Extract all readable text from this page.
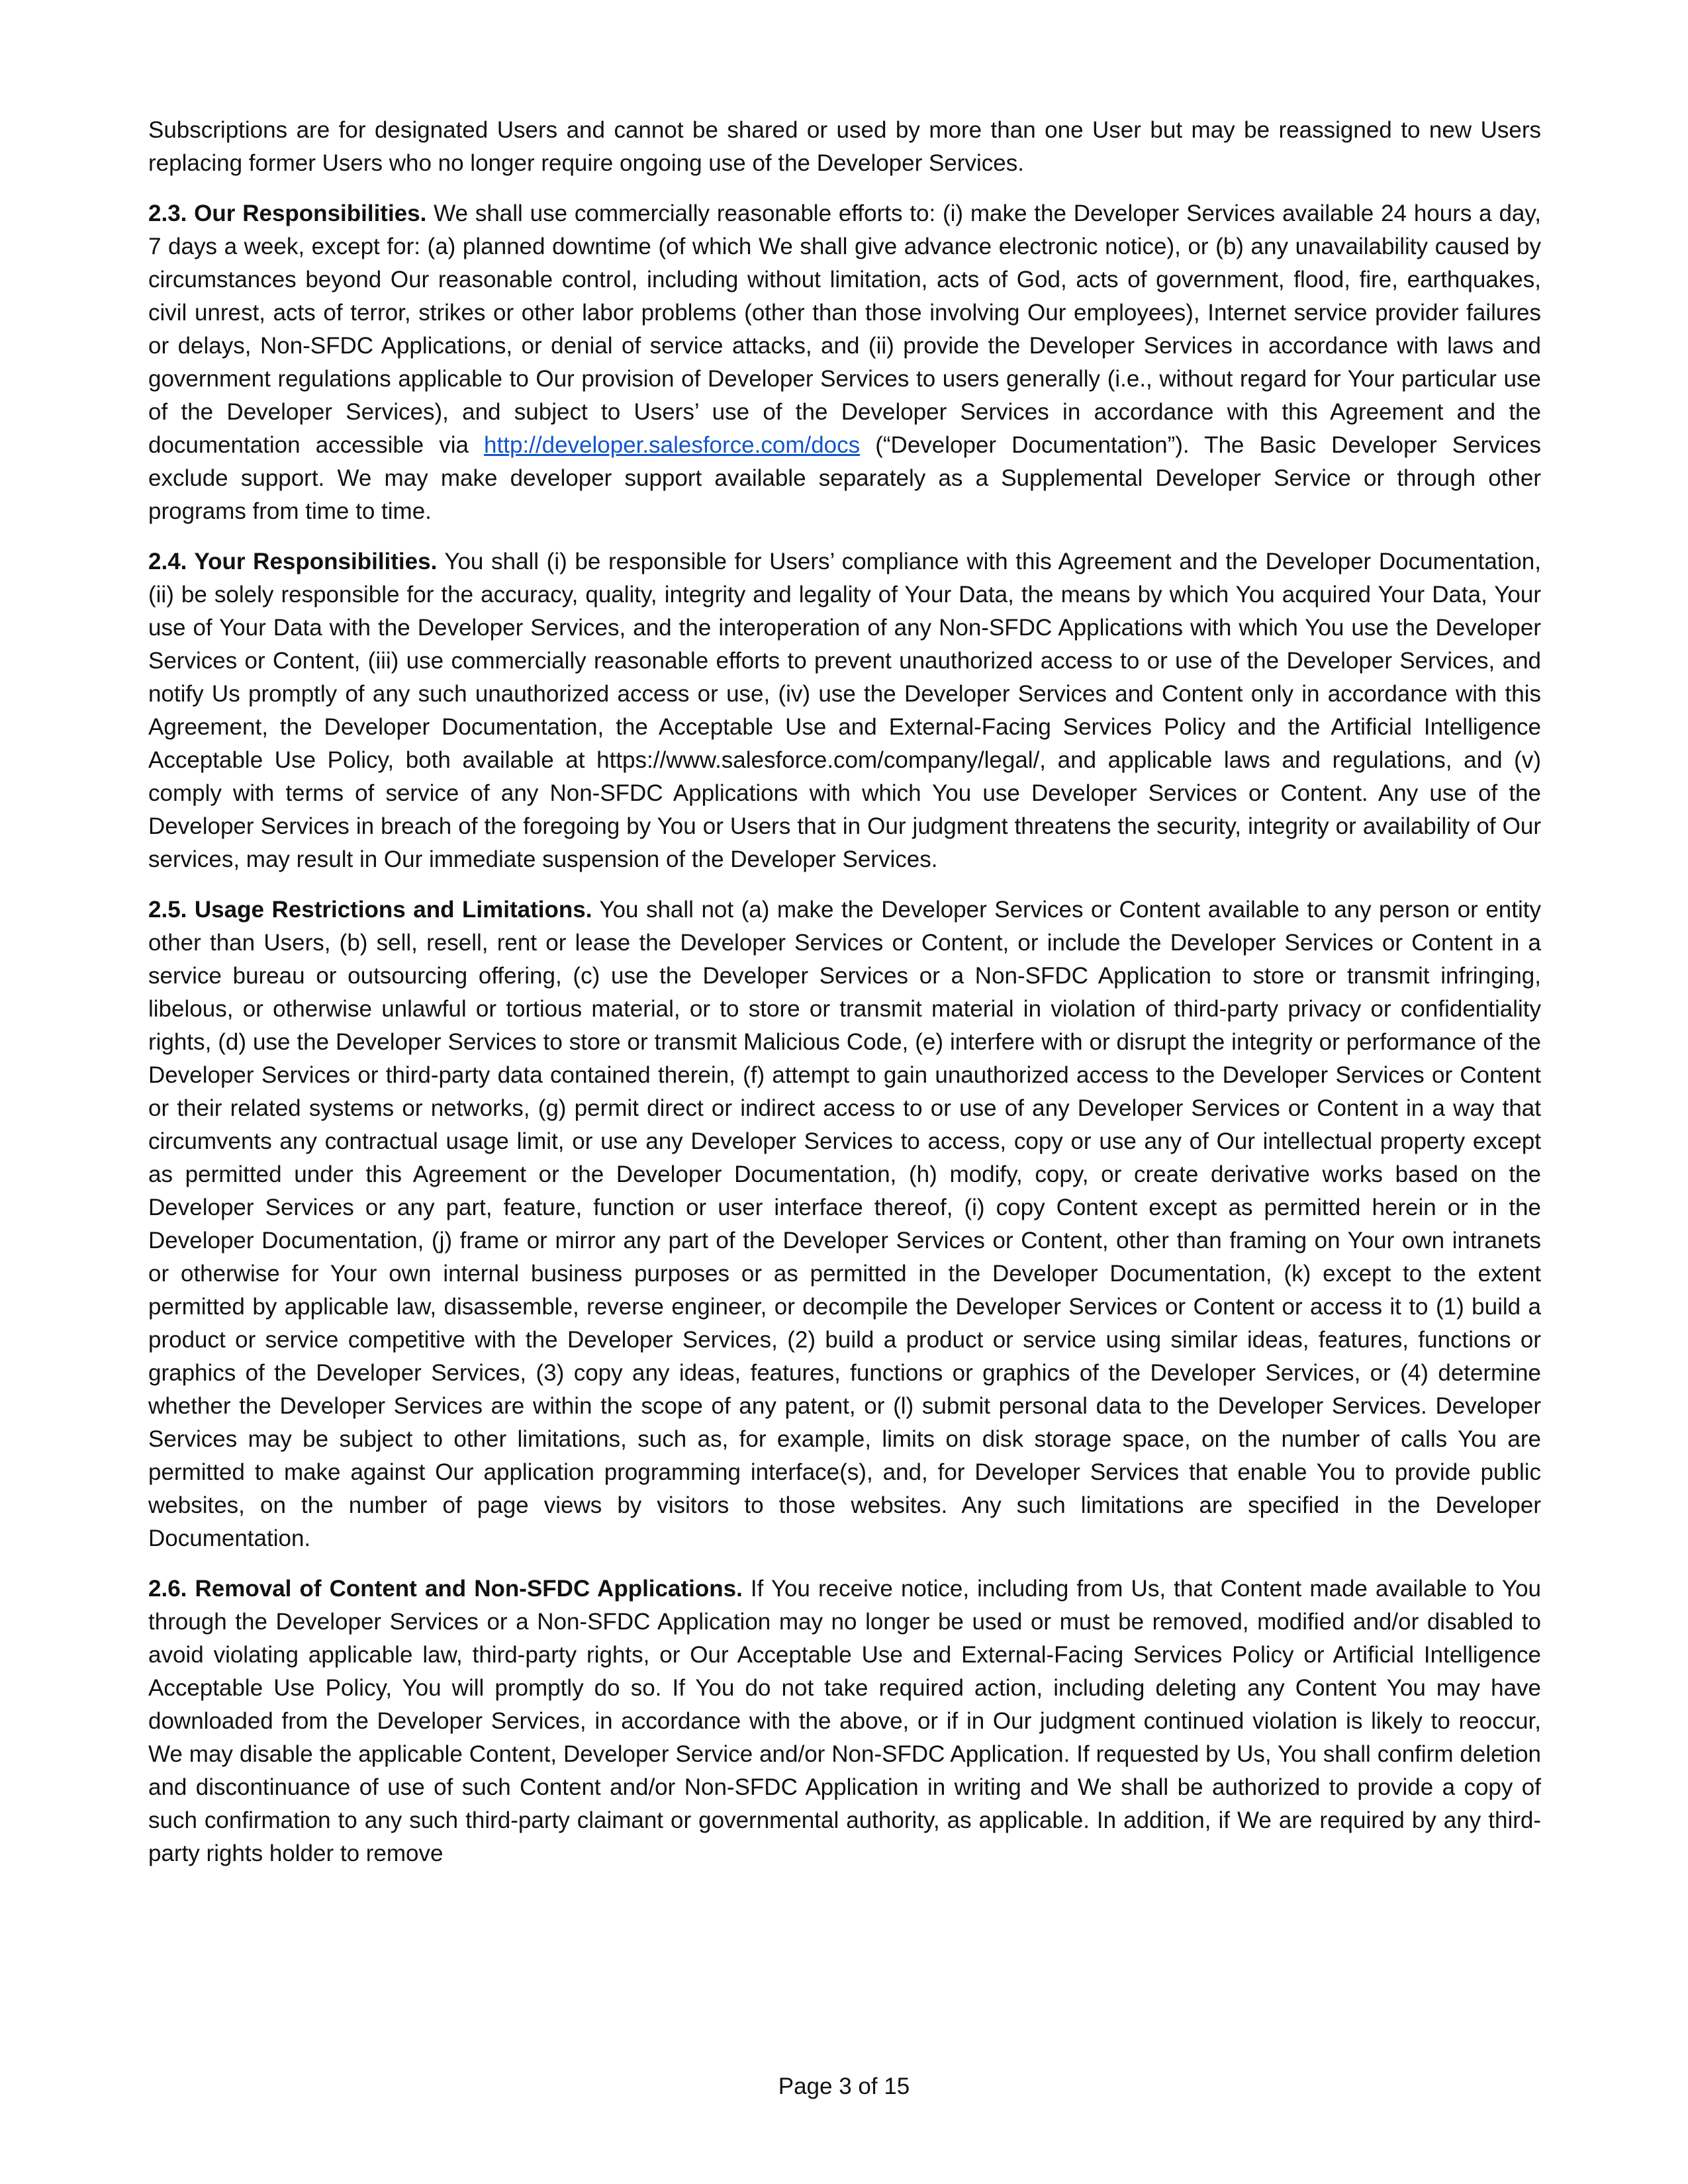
Subscriptions are for designated Users and cannot be shared or used by more than one User but may be reassigned to new Users replacing former Users who no longer require ongoing use of the Developer Services.

2.3. Our Responsibilities. We shall use commercially reasonable efforts to: (i) make the Developer Services available 24 hours a day, 7 days a week, except for: (a) planned downtime (of which We shall give advance electronic notice), or (b) any unavailability caused by circumstances beyond Our reasonable control, including without limitation, acts of God, acts of government, flood, fire, earthquakes, civil unrest, acts of terror, strikes or other labor problems (other than those involving Our employees), Internet service provider failures or delays, Non-SFDC Applications, or denial of service attacks, and (ii) provide the Developer Services in accordance with laws and government regulations applicable to Our provision of Developer Services to users generally (i.e., without regard for Your particular use of the Developer Services), and subject to Users’ use of the Developer Services in accordance with this Agreement and the documentation accessible via http://developer.salesforce.com/docs (“Developer Documentation”). The Basic Developer Services exclude support. We may make developer support available separately as a Supplemental Developer Service or through other programs from time to time.

2.4. Your Responsibilities. You shall (i) be responsible for Users’ compliance with this Agreement and the Developer Documentation, (ii) be solely responsible for the accuracy, quality, integrity and legality of Your Data, the means by which You acquired Your Data, Your use of Your Data with the Developer Services, and the interoperation of any Non-SFDC Applications with which You use the Developer Services or Content, (iii) use commercially reasonable efforts to prevent unauthorized access to or use of the Developer Services, and notify Us promptly of any such unauthorized access or use, (iv) use the Developer Services and Content only in accordance with this Agreement, the Developer Documentation, the Acceptable Use and External-Facing Services Policy and the Artificial Intelligence Acceptable Use Policy, both available at https://www.salesforce.com/company/legal/, and applicable laws and regulations, and (v) comply with terms of service of any Non-SFDC Applications with which You use Developer Services or Content. Any use of the Developer Services in breach of the foregoing by You or Users that in Our judgment threatens the security, integrity or availability of Our services, may result in Our immediate suspension of the Developer Services.

2.5. Usage Restrictions and Limitations. You shall not (a) make the Developer Services or Content available to any person or entity other than Users, (b) sell, resell, rent or lease the Developer Services or Content, or include the Developer Services or Content in a service bureau or outsourcing offering, (c) use the Developer Services or a Non-SFDC Application to store or transmit infringing, libelous, or otherwise unlawful or tortious material, or to store or transmit material in violation of third-party privacy or confidentiality rights, (d) use the Developer Services to store or transmit Malicious Code, (e) interfere with or disrupt the integrity or performance of the Developer Services or third-party data contained therein, (f) attempt to gain unauthorized access to the Developer Services or Content or their related systems or networks, (g) permit direct or indirect access to or use of any Developer Services or Content in a way that circumvents any contractual usage limit, or use any Developer Services to access, copy or use any of Our intellectual property except as permitted under this Agreement or the Developer Documentation, (h) modify, copy, or create derivative works based on the Developer Services or any part, feature, function or user interface thereof, (i) copy Content except as permitted herein or in the Developer Documentation, (j) frame or mirror any part of the Developer Services or Content, other than framing on Your own intranets or otherwise for Your own internal business purposes or as permitted in the Developer Documentation, (k) except to the extent permitted by applicable law, disassemble, reverse engineer, or decompile the Developer Services or Content or access it to (1) build a product or service competitive with the Developer Services, (2) build a product or service using similar ideas, features, functions or graphics of the Developer Services, (3) copy any ideas, features, functions or graphics of the Developer Services, or (4) determine whether the Developer Services are within the scope of any patent, or (l) submit personal data to the Developer Services. Developer Services may be subject to other limitations, such as, for example, limits on disk storage space, on the number of calls You are permitted to make against Our application programming interface(s), and, for Developer Services that enable You to provide public websites, on the number of page views by visitors to those websites. Any such limitations are specified in the Developer Documentation.

2.6. Removal of Content and Non-SFDC Applications. If You receive notice, including from Us, that Content made available to You through the Developer Services or a Non-SFDC Application may no longer be used or must be removed, modified and/or disabled to avoid violating applicable law, third-party rights, or Our Acceptable Use and External-Facing Services Policy or Artificial Intelligence Acceptable Use Policy, You will promptly do so. If You do not take required action, including deleting any Content You may have downloaded from the Developer Services, in accordance with the above, or if in Our judgment continued violation is likely to reoccur, We may disable the applicable Content, Developer Service and/or Non-SFDC Application. If requested by Us, You shall confirm deletion and discontinuance of use of such Content and/or Non-SFDC Application in writing and We shall be authorized to provide a copy of such confirmation to any such third-party claimant or governmental authority, as applicable. In addition, if We are required by any third-party rights holder to remove

Page 3 of 15
